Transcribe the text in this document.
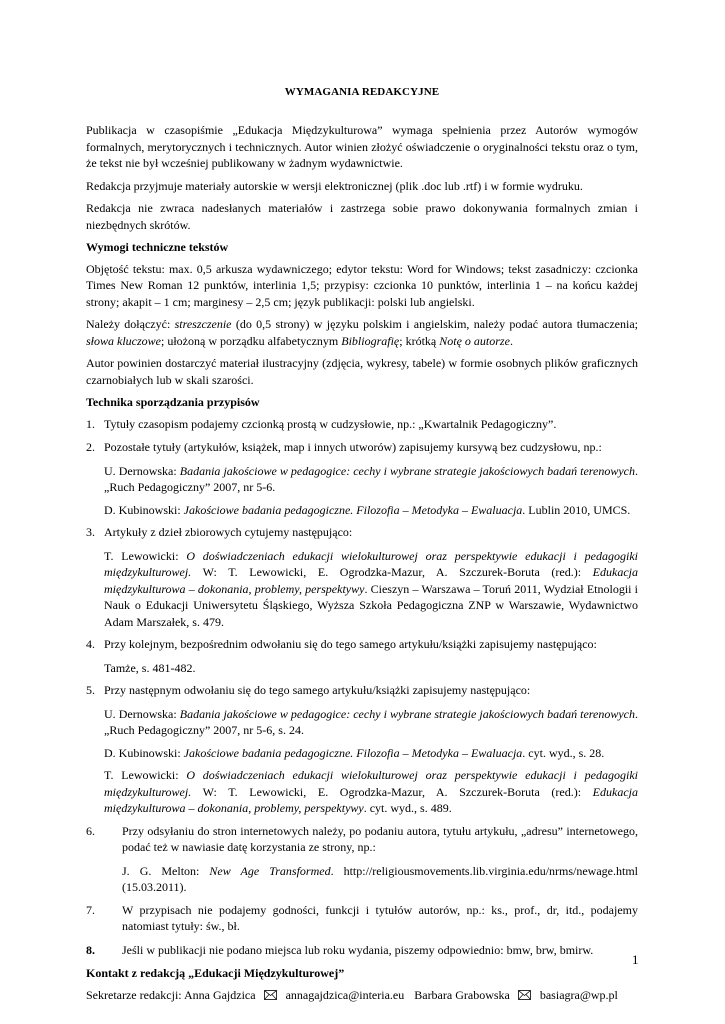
WYMAGANIA REDAKCYJNE

Publikacja w czasopiśmie „Edukacja Międzykulturowa” wymaga spełnienia przez Autorów wymogów formalnych, merytorycznych i technicznych. Autor winien złożyć oświadczenie o oryginalności tekstu oraz o tym, że tekst nie był wcześniej publikowany w żadnym wydawnictwie.

Redakcja przyjmuje materiały autorskie w wersji elektronicznej (plik .doc lub .rtf) i w formie wydruku.

Redakcja nie zwraca nadesłanych materiałów i zastrzega sobie prawo dokonywania formalnych zmian i niezbędnych skrótów.

Wymogi techniczne tekstów

Objętość tekstu: max. 0,5 arkusza wydawniczego; edytor tekstu: Word for Windows; tekst zasadniczy: czcionka Times New Roman 12 punktów, interlinia 1,5; przypisy: czcionka 10 punktów, interlinia 1 – na końcu każdej strony; akapit – 1 cm; marginesy – 2,5 cm; język publikacji: polski lub angielski.

Należy dołączyć: streszczenie (do 0,5 strony) w języku polskim i angielskim, należy podać autora tłumaczenia; słowa kluczowe; ułożoną w porządku alfabetycznym Bibliografię; krótką Notę o autorze.

Autor powinien dostarczyć materiał ilustracyjny (zdjęcia, wykresy, tabele) w formie osobnych plików graficznych czarnobiałych lub w skali szarości.

Technika sporządzania przypisów
1. Tytuły czasopism podajemy czcionką prostą w cudzysłowie, np.: „Kwartalnik Pedagogiczny”.
2. Pozostałe tytuły (artykułów, książek, map i innych utworów) zapisujemy kursywą bez cudzysłowu, np.:
U. Dernowska: Badania jakościowe w pedagogice: cechy i wybrane strategie jakościowych badań terenowych. „Ruch Pedagogiczny” 2007, nr 5-6.
D. Kubinowski: Jakościowe badania pedagogiczne. Filozofia – Metodyka – Ewaluacja. Lublin 2010, UMCS.
3. Artykuły z dzieł zbiorowych cytujemy następująco:
T. Lewowicki: O doświadczeniach edukacji wielokulturowej oraz perspektywie edukacji i pedagogiki międzykulturowej. W: T. Lewowicki, E. Ogrodzka-Mazur, A. Szczurek-Boruta (red.): Edukacja międzykulturowa – dokonania, problemy, perspektywy. Cieszyn – Warszawa – Toruń 2011, Wydział Etnologii i Nauk o Edukacji Uniwersytetu Śląskiego, Wyższa Szkoła Pedagogiczna ZNP w Warszawie, Wydawnictwo Adam Marszałek, s. 479.
4. Przy kolejnym, bezpośrednim odwołaniu się do tego samego artykułu/książki zapisujemy następująco:
Tamże, s. 481-482.
5. Przy następnym odwołaniu się do tego samego artykułu/książki zapisujemy następująco:
U. Dernowska: Badania jakościowe w pedagogice: cechy i wybrane strategie jakościowych badań terenowych. „Ruch Pedagogiczny” 2007, nr 5-6, s. 24.
D. Kubinowski: Jakościowe badania pedagogiczne. Filozofia – Metodyka – Ewaluacja. cyt. wyd., s. 28.
T. Lewowicki: O doświadczeniach edukacji wielokulturowej oraz perspektywie edukacji i pedagogiki międzykulturowej. W: T. Lewowicki, E. Ogrodzka-Mazur, A. Szczurek-Boruta (red.): Edukacja międzykulturowa – dokonania, problemy, perspektywy. cyt. wyd., s. 489.
6. Przy odsyłaniu do stron internetowych należy, po podaniu autora, tytułu artykułu, „adresu” internetowego, podać też w nawiasie datę korzystania ze strony, np.:
J. G. Melton: New Age Transformed. http://religiousmovements.lib.virginia.edu/nrms/newage.html (15.03.2011).
7. W przypisach nie podajemy godności, funkcji i tytułów autorów, np.: ks., prof., dr, itd., podajemy natomiast tytuły: św., bł.
8. Jeśli w publikacji nie podano miejsca lub roku wydania, piszemy odpowiednio: bmw, brw, bmirw.
Kontakt z redakcją „Edukacji Międzykulturowej”
Sekretarze redakcji: Anna Gajdzica	annagajdzica@interia.eu Barbara Grabowska	basiagra@wp.pl
1
